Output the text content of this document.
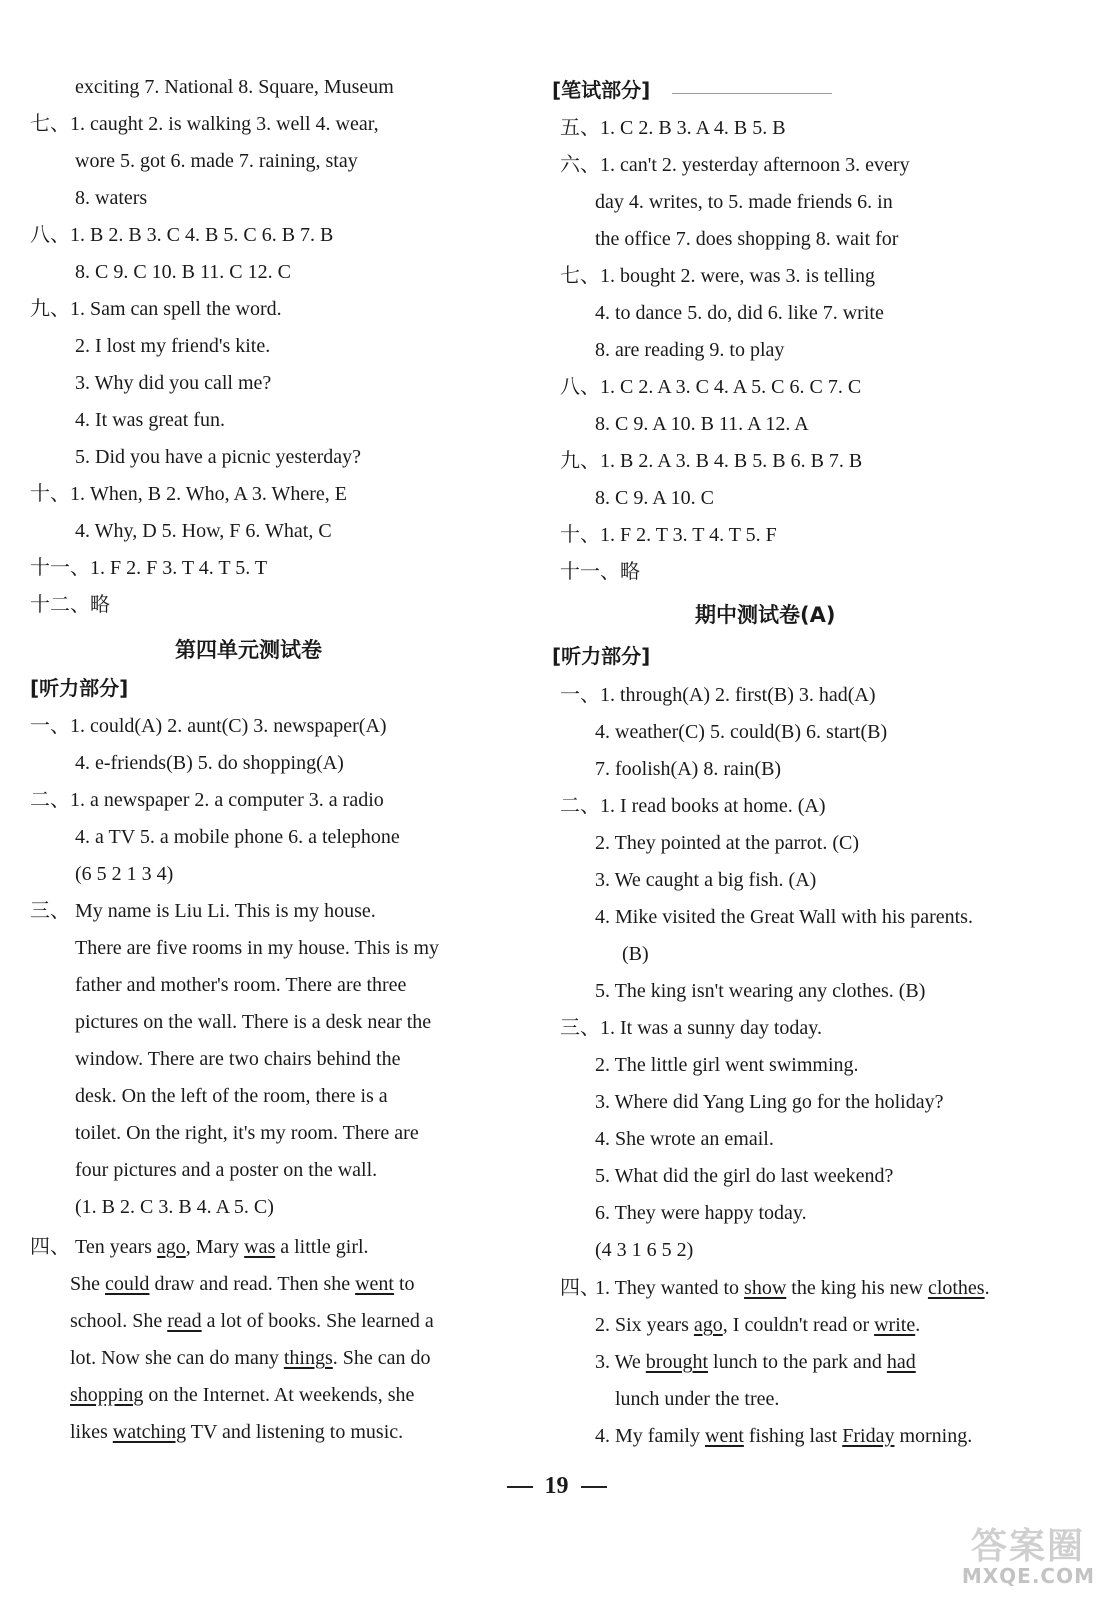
exciting 7. National 8. Square, Museum
七、1. caught 2. is walking 3. well 4. wear,
wore 5. got 6. made 7. raining, stay
8. waters
八、1. B 2. B 3. C 4. B 5. C 6. B 7. B
8. C 9. C 10. B 11. C 12. C
九、1. Sam can spell the word.
2. I lost my friend's kite.
3. Why did you call me?
4. It was great fun.
5. Did you have a picnic yesterday?
十、1. When, B 2. Who, A 3. Where, E
4. Why, D 5. How, F 6. What, C
十一、1. F 2. F 3. T 4. T 5. T
十二、略
第四单元测试卷
[听力部分]
一、1. could(A) 2. aunt(C) 3. newspaper(A)
4. e-friends(B) 5. do shopping(A)
二、1. a newspaper 2. a computer 3. a radio
4. a TV 5. a mobile phone 6. a telephone
(6 5 2 1 3 4)
三、 My name is Liu Li. This is my house.
There are five rooms in my house. This is my
father and mother's room. There are three
pictures on the wall. There is a desk near the
window. There are two chairs behind the
desk. On the left of the room, there is a
toilet. On the right, it's my room. There are
four pictures and a poster on the wall.
(1. B 2. C 3. B 4. A 5. C)
四、 Ten years ago, Mary was a little girl.
She could draw and read. Then she went to
school. She read a lot of books. She learned a
lot. Now she can do many things. She can do
shopping on the Internet. At weekends, she
likes watching TV and listening to music.
[笔试部分]
五、1. C 2. B 3. A 4. B 5. B
六、1. can't 2. yesterday afternoon 3. every
day 4. writes, to 5. made friends 6. in
the office 7. does shopping 8. wait for
七、1. bought 2. were, was 3. is telling
4. to dance 5. do, did 6. like 7. write
8. are reading 9. to play
八、1. C 2. A 3. C 4. A 5. C 6. C 7. C
8. C 9. A 10. B 11. A 12. A
九、1. B 2. A 3. B 4. B 5. B 6. B 7. B
8. C 9. A 10. C
十、1. F 2. T 3. T 4. T 5. F
十一、略
期中测试卷(A)
[听力部分]
一、1. through(A) 2. first(B) 3. had(A)
4. weather(C) 5. could(B) 6. start(B)
7. foolish(A) 8. rain(B)
二、1. I read books at home. (A)
2. They pointed at the parrot. (C)
3. We caught a big fish. (A)
4. Mike visited the Great Wall with his parents.
(B)
5. The king isn't wearing any clothes. (B)
三、1. It was a sunny day today.
2. The little girl went swimming.
3. Where did Yang Ling go for the holiday?
4. She wrote an email.
5. What did the girl do last weekend?
6. They were happy today.
(4 3 1 6 5 2)
四、
1. They wanted to show the king his new clothes.
2. Six years ago, I couldn't read or write.
3. We brought lunch to the park and had
lunch under the tree.
4. My family went fishing last Friday morning.
19
答案圈
MXQE.COM
